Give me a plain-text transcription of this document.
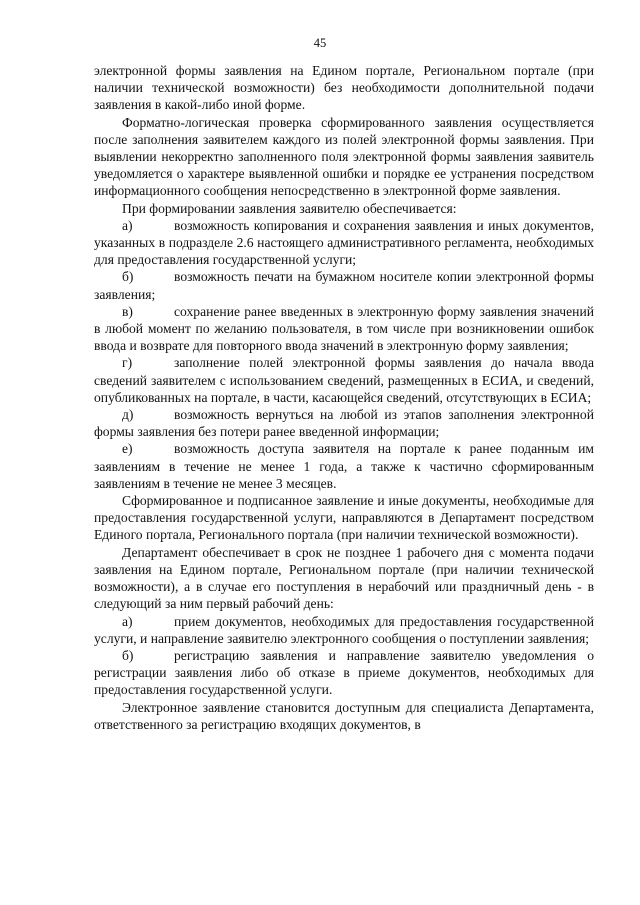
45

электронной формы заявления на Едином портале, Региональном портале (при наличии технической возможности) без необходимости дополнительной подачи заявления в какой-либо иной форме.

Форматно-логическая проверка сформированного заявления осуществляется после заполнения заявителем каждого из полей электронной формы заявления. При выявлении некорректно заполненного поля электронной формы заявления заявитель уведомляется о характере выявленной ошибки и порядке ее устранения посредством информационного сообщения непосредственно в электронной форме заявления.

При формировании заявления заявителю обеспечивается:

а)	возможность копирования и сохранения заявления и иных документов, указанных в подразделе 2.6 настоящего административного регламента, необходимых для предоставления государственной услуги;

б)	возможность печати на бумажном носителе копии электронной формы заявления;

в)	сохранение ранее введенных в электронную форму заявления значений в любой момент по желанию пользователя, в том числе при возникновении ошибок ввода и возврате для повторного ввода значений в электронную форму заявления;

г)	заполнение полей электронной формы заявления до начала ввода сведений заявителем с использованием сведений, размещенных в ЕСИА, и сведений, опубликованных на портале, в части, касающейся сведений, отсутствующих в ЕСИА;

д)	возможность вернуться на любой из этапов заполнения электронной формы заявления без потери ранее введенной информации;

е)	возможность доступа заявителя на портале к ранее поданным им заявлениям в течение не менее 1 года, а также к частично сформированным заявлениям в течение не менее 3 месяцев.

Сформированное и подписанное заявление и иные документы, необходимые для предоставления государственной услуги, направляются в Департамент посредством Единого портала, Регионального портала (при наличии технической возможности).

Департамент обеспечивает в срок не позднее 1 рабочего дня с момента подачи заявления на Едином портале, Региональном портале (при наличии технической возможности), а в случае его поступления в нерабочий или праздничный день - в следующий за ним первый рабочий день:

а)	прием документов, необходимых для предоставления государственной услуги, и направление заявителю электронного сообщения о поступлении заявления;

б)	регистрацию заявления и направление заявителю уведомления о регистрации заявления либо об отказе в приеме документов, необходимых для предоставления государственной услуги.

Электронное заявление становится доступным для специалиста Департамента, ответственного за регистрацию входящих документов, в
